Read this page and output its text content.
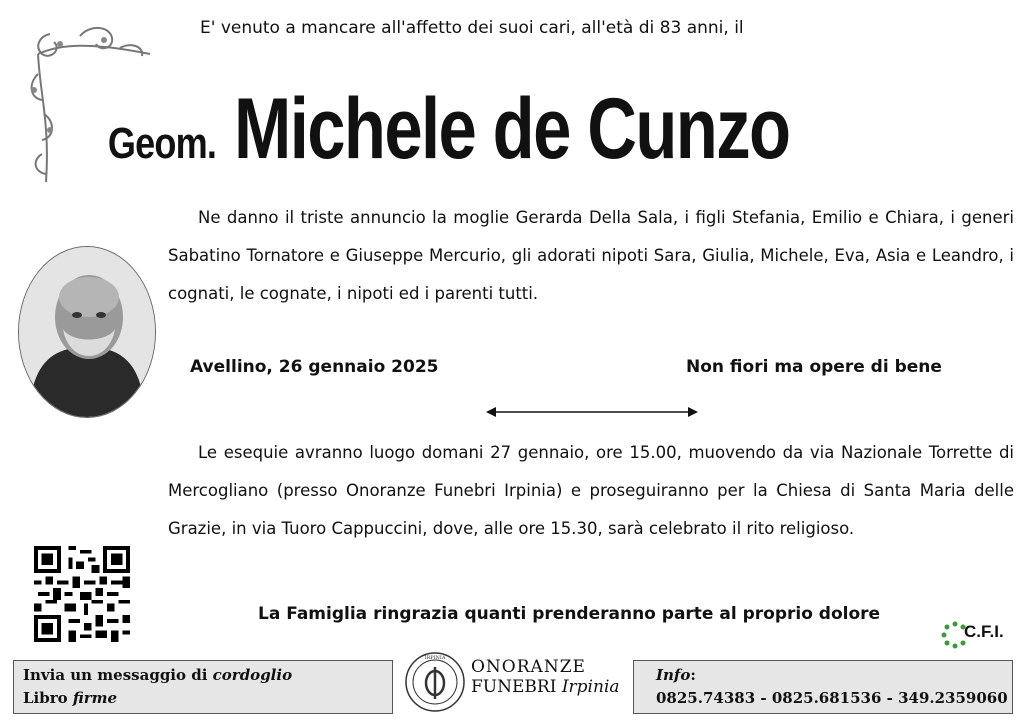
E' venuto a mancare all'affetto dei suoi cari, all'età di 83 anni, il
Geom. Michele de Cunzo
Ne danno il triste annuncio la moglie Gerarda Della Sala, i figli Stefania, Emilio e Chiara, i generi Sabatino Tornatore e Giuseppe Mercurio, gli adorati nipoti Sara, Giulia, Michele, Eva, Asia e Leandro, i cognati, le cognate, i nipoti ed i parenti tutti.
Avellino, 26 gennaio 2025	Non fiori ma opere di bene
Le esequie avranno luogo domani 27 gennaio, ore 15.00, muovendo da via Nazionale Torrette di Mercogliano (presso Onoranze Funebri Irpinia) e proseguiranno per la Chiesa di Santa Maria delle Grazie, in via Tuoro Cappuccini, dove, alle ore 15.30, sarà celebrato il rito religioso.
La Famiglia ringrazia quanti prenderanno parte al proprio dolore
C.F.I.
Invia un messaggio di cordoglio
Libro firme
IRPINIA ONORANZE
FUNEBRI Irpinia
Info:
0825.74383 - 0825.681536 - 349.2359060
